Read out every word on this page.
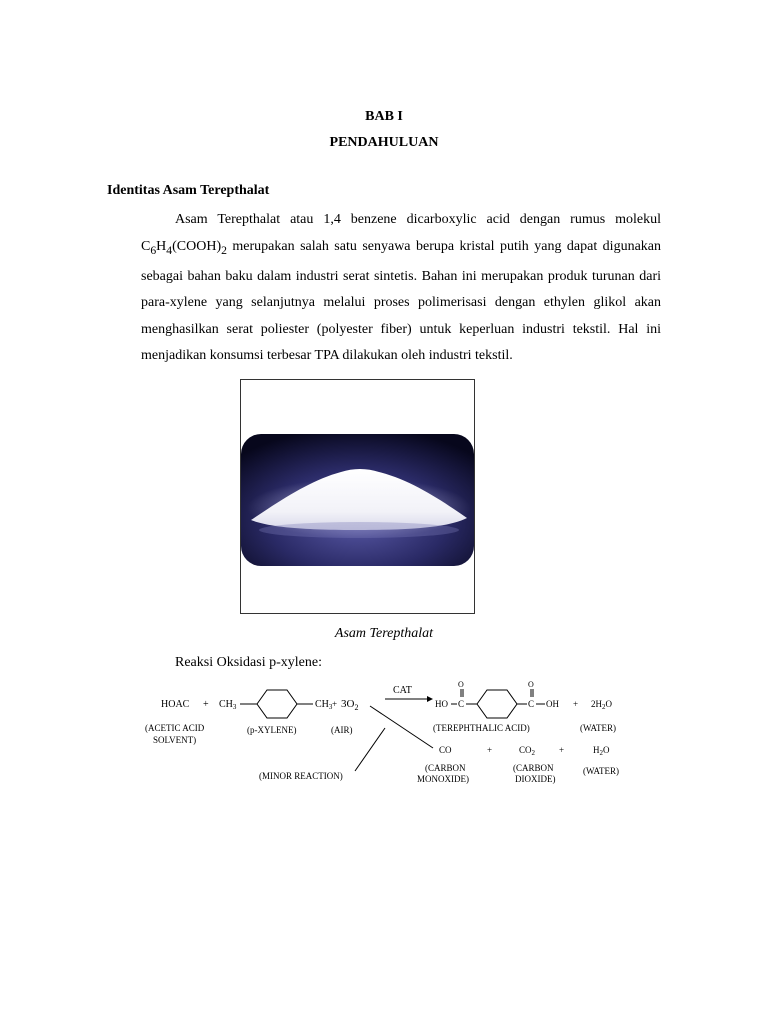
BAB I
PENDAHULUAN
Identitas Asam Terepthalat
Asam Terepthalat atau 1,4 benzene dicarboxylic acid dengan rumus molekul $C_6H_4(COOH)_2$ merupakan salah satu senyawa berupa kristal putih yang dapat digunakan sebagai bahan baku dalam industri serat sintetis. Bahan ini merupakan produk turunan dari para-xylene yang selanjutnya melalui proses polimerisasi dengan ethylen glikol akan menghasilkan serat poliester (polyester fiber) untuk keperluan industri tekstil. Hal ini menjadikan konsumsi terbesar TPA dilakukan oleh industri tekstil.
Asam Terepthalat
Reaksi Oksidasi p-xylene:
HOAC + $CH_3$	$CH_3 + 3O_2$
CAT
HO C
O
C
O
OH + $2H_2O$
(ACETIC ACID
SOLVENT)
(p-XYLENE)	(AIR)	(TEREPHTHALIC ACID)	(WATER)
(MINOR REACTION)
CO	+	$CO_2$	+	$H_2O$
(CARBON
MONOXIDE)
(CARBON
DIOXIDE)
(WATER)
